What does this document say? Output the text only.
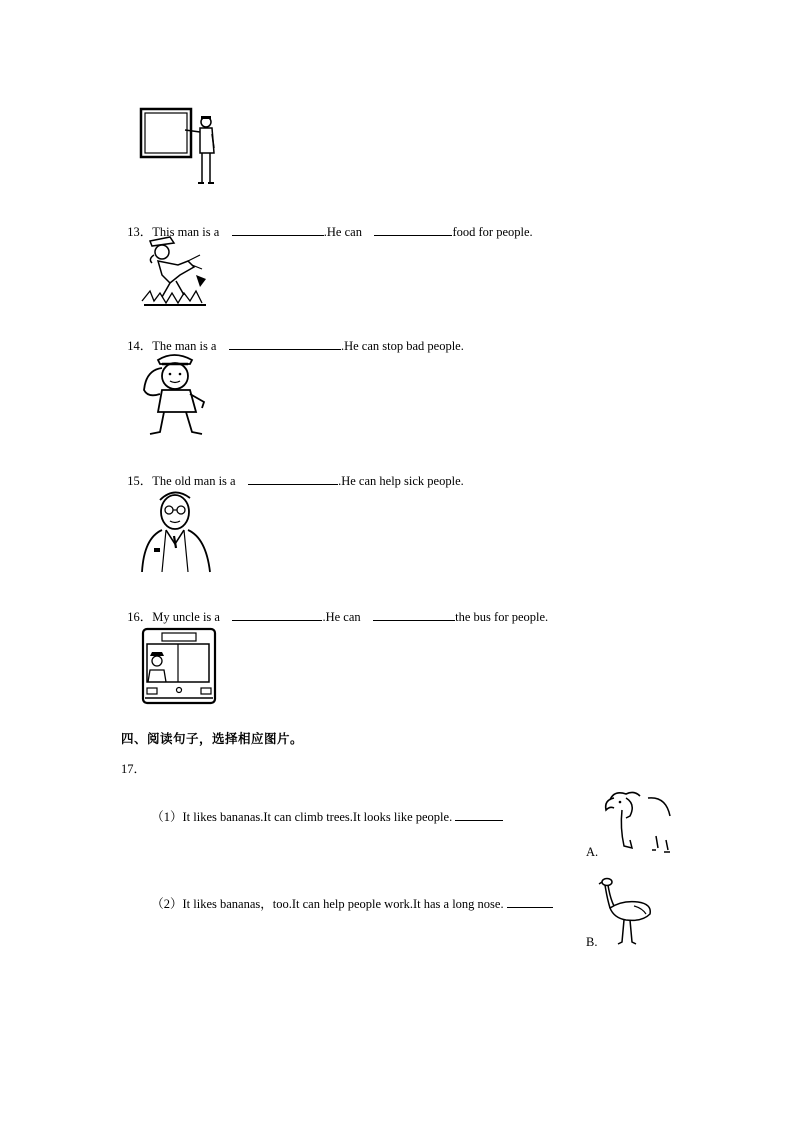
13．This man is a	.He can	food for people.

14．The man is a	.He can stop bad people.

15．The old man is a	.He can help sick people.

16．My uncle is a	.He can	the bus for people.

四、阅读句子，选择相应图片。
17．

（1）It likes bananas.It can climb trees.It looks like people.

（2）It likes bananas，too.It can help people work.It has a long nose.

A.
B.
